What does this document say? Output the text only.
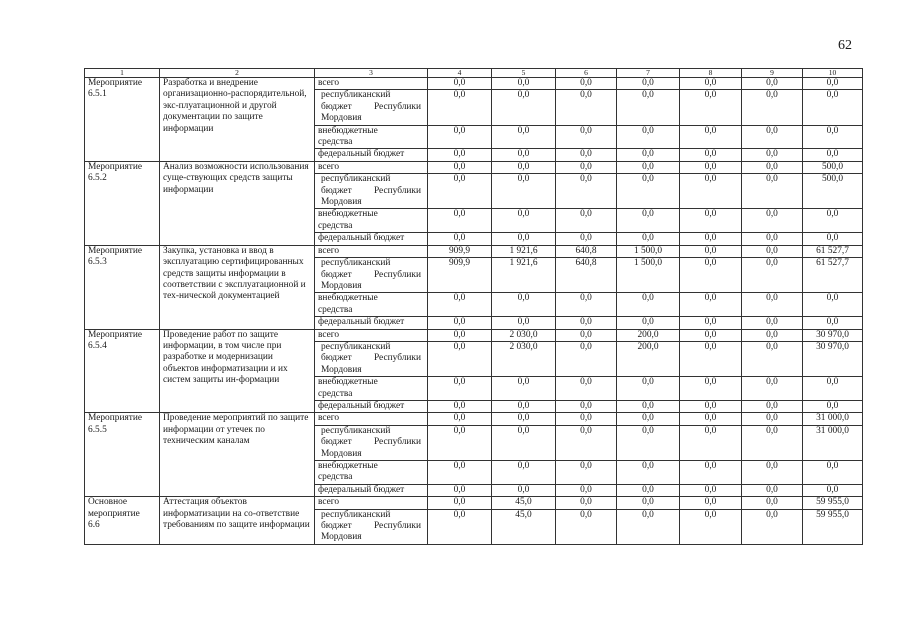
62
1	2	3	4	5	6	7	8	9	10

Мероприятие
6.5.1	Разработка и внедрение организационно-распорядительной, экс-плуатационной и другой документации по защите информации	всего	0,0	0,0	0,0	0,0	0,0	0,0	0,0

		республиканский
бюджет Республики
Мордовия	0,0	0,0	0,0	0,0	0,0	0,0	0,0

		внебюджетные
средства	0,0	0,0	0,0	0,0	0,0	0,0	0,0

		федеральный бюджет	0,0	0,0	0,0	0,0	0,0	0,0	0,0

Мероприятие
6.5.2	Анализ возможности использования суще-ствующих средств защиты информации	всего	0,0	0,0	0,0	0,0	0,0	0,0	500,0

		республиканский
бюджет Республики
Мордовия	0,0	0,0	0,0	0,0	0,0	0,0	500,0

		внебюджетные
средства	0,0	0,0	0,0	0,0	0,0	0,0	0,0

		федеральный бюджет	0,0	0,0	0,0	0,0	0,0	0,0	0,0

Мероприятие
6.5.3	Закупка, установка и ввод в эксплуатацию сертифицированных средств защиты информации в соответствии с эксплуатационной и тех-нической документацией	всего	909,9	1 921,6	640,8	1 500,0	0,0	0,0	61 527,7

		республиканский
бюджет Республики
Мордовия	909,9	1 921,6	640,8	1 500,0	0,0	0,0	61 527,7

		внебюджетные
средства	0,0	0,0	0,0	0,0	0,0	0,0	0,0

		федеральный бюджет	0,0	0,0	0,0	0,0	0,0	0,0	0,0

Мероприятие
6.5.4	Проведение работ по защите информации, в том числе при разработке и модернизации объектов информатизации и их систем защиты ин-формации	всего	0,0	2 030,0	0,0	200,0	0,0	0,0	30 970,0

		республиканский
бюджет Республики
Мордовия	0,0	2 030,0	0,0	200,0	0,0	0,0	30 970,0

		внебюджетные
средства	0,0	0,0	0,0	0,0	0,0	0,0	0,0

		федеральный бюджет	0,0	0,0	0,0	0,0	0,0	0,0	0,0

Мероприятие
6.5.5	Проведение мероприятий по защите информации от утечек по техническим каналам	всего	0,0	0,0	0,0	0,0	0,0	0,0	31 000,0

		республиканский
бюджет Республики
Мордовия	0,0	0,0	0,0	0,0	0,0	0,0	31 000,0

		внебюджетные
средства	0,0	0,0	0,0	0,0	0,0	0,0	0,0

		федеральный бюджет	0,0	0,0	0,0	0,0	0,0	0,0	0,0

Основное
мероприятие
6.6	Аттестация объектов информатизации на со-ответствие требованиям по защите информации	всего	0,0	45,0	0,0	0,0	0,0	0,0	59 955,0

		республиканский
бюджет Республики
Мордовия	0,0	45,0	0,0	0,0	0,0	0,0	59 955,0
